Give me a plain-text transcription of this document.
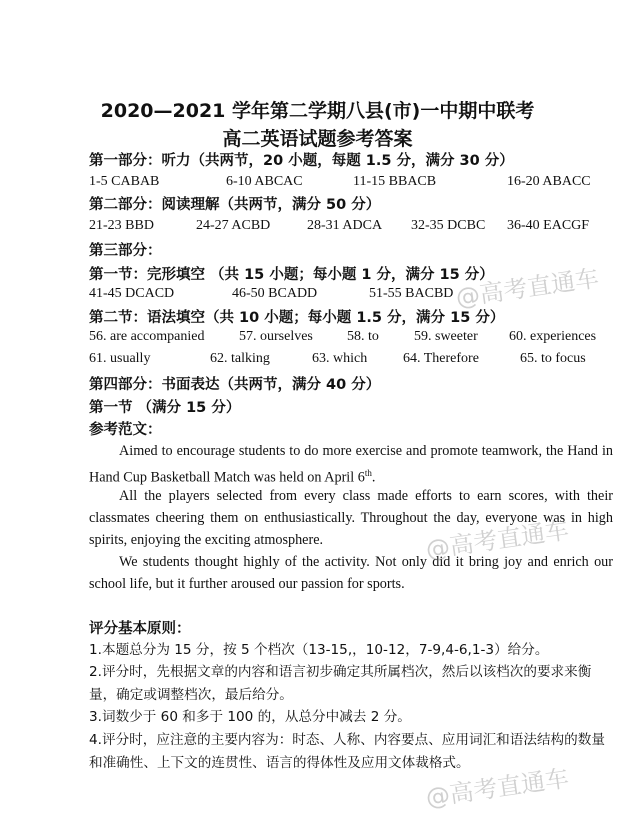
2020—2021 学年第二学期八县(市)一中期中联考
高二英语试题参考答案
第一部分：听力（共两节，20 小题，每题 1.5 分，满分 30 分）
1-5 CABAB	6-10 ABCAC	11-15 BBACB	16-20 ABACC
第二部分：阅读理解（共两节，满分 50 分）
21-23 BBD	24-27 ACBD	28-31 ADCA 32-35 DCBC 36-40 EACGF
第三部分：
第一节：完形填空 （共 15 小题；每小题 1 分，满分 15 分）
41-45 DCACD	46-50 BCADD	51-55 BACBD
第二节：语法填空（共 10 小题；每小题 1.5 分，满分 15 分）
56. are accompanied 57. ourselves 58. to	59. sweeter 60. experiences
61. usually	62. talking	63. which	64. Therefore	65. to focus
第四部分：书面表达（共两节，满分 40 分）
第一节 （满分 15 分）
参考范文：
Aimed to encourage students to do more exercise and promote teamwork, the Hand in Hand Cup Basketball Match was held on April 6th.
All the players selected from every class made efforts to earn scores, with their classmates cheering them on enthusiastically. Throughout the day, everyone was in high spirits, enjoying the exciting atmosphere.
We students thought highly of the activity. Not only did it bring joy and enrich our school life, but it further aroused our passion for sports.
评分基本原则：
1.本题总分为 15 分，按 5 个档次（13-15,，10-12，7-9,4-6,1-3）给分。
2.评分时，先根据文章的内容和语言初步确定其所属档次，然后以该档次的要求来衡量，确定或调整档次，最后给分。
3.词数少于 60 和多于 100 的，从总分中减去 2 分。
4.评分时，应注意的主要内容为：时态、人称、内容要点、应用词汇和语法结构的数量和准确性、上下文的连贯性、语言的得体性及应用文体裁格式。
@高考直通车
@高考直通车
@高考直通车
